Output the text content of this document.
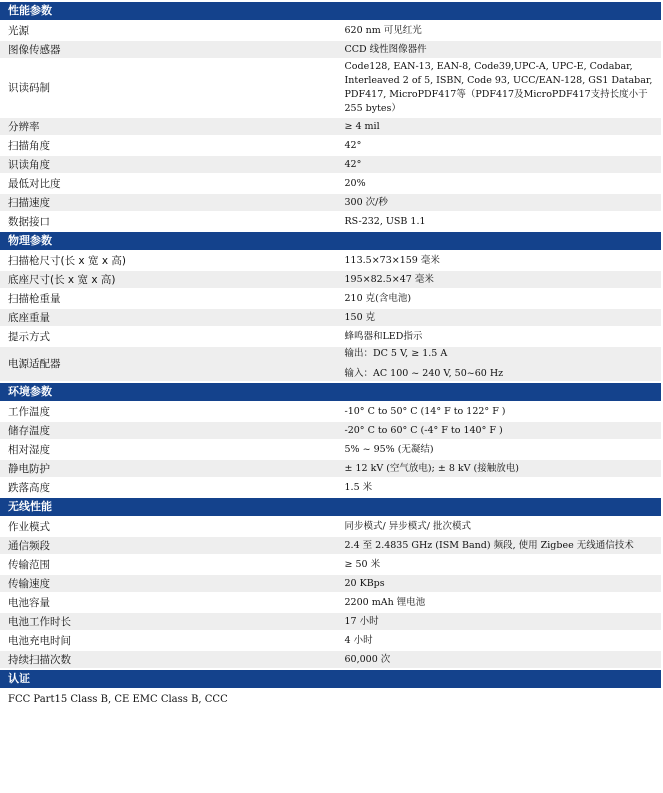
性能参数	
光源	620 nm 可见红光
图像传感器	CCD 线性图像器件
识读码制	Code128, EAN-13, EAN-8, Code39,UPC-A, UPC-E, Codabar, Interleaved 2 of 5, ISBN, Code 93, UCC/EAN-128, GS1 Databar, PDF417, MicroPDF417等（PDF417及MicroPDF417支持长度小于255 bytes）
分辨率	≥ 4 mil
扫描角度	42°
识读角度	42°
最低对比度	20%
扫描速度	300 次/秒
数据接口	RS-232, USB 1.1
物理参数	
扫描枪尺寸(长 x 宽 x 高)	113.5×73×159 毫米
底座尺寸(长 x 宽 x 高)	195×82.5×47 毫米
扫描枪重量	210 克(含电池)
底座重量	150 克
提示方式	蜂鸣器和LED指示
电源适配器	输出：DC 5 V, ≥ 1.5 A
输入：AC 100 ~ 240 V, 50~60 Hz

环境参数	
工作温度	-10° C to 50° C (14° F to 122° F )
储存温度	-20° C to 60° C (-4° F to 140° F )
相对湿度	5% ~ 95% (无凝结)
静电防护	± 12 kV (空气放电); ± 8 kV (接触放电)
跌落高度	1.5 米
无线性能	
作业模式	同步模式/ 异步模式/ 批次模式
通信频段	2.4 至 2.4835 GHz (ISM Band) 频段, 使用 Zigbee 无线通信技术
传输范围	≥ 50 米
传输速度	20 KBps
电池容量	2200 mAh 锂电池
电池工作时长	17 小时
电池充电时间	4 小时
持续扫描次数	60,000 次
认证	
FCC Part15 Class B, CE EMC Class B, CCC
